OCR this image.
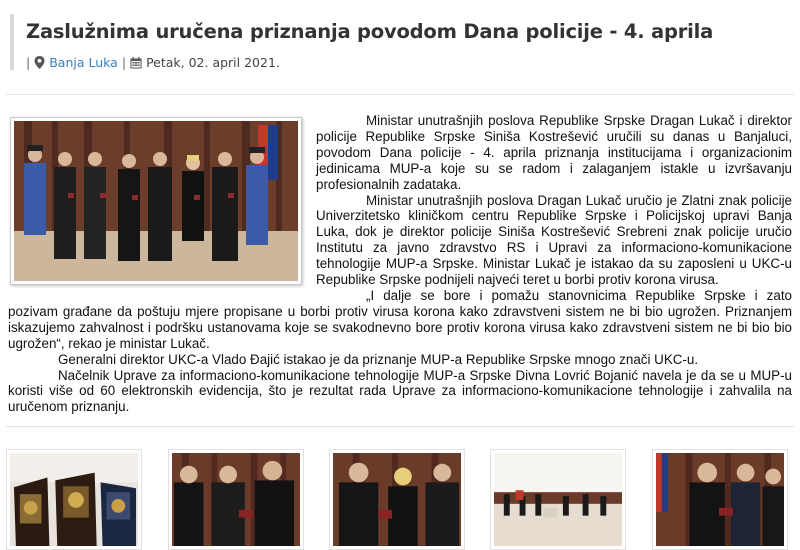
Zaslužnima uručena priznanja povodom Dana policije - 4. aprila
| Banja Luka | Petak, 02. april 2021.

Ministar unutrašnjih poslova Republike Srpske Dragan Lukač i direktor policije Republike Srpske Siniša Kostrešević uručili su danas u Banjaluci, povodom Dana policije - 4. aprila priznanja institucijama i organizacionim jedinicama MUP-a koje su se radom i zalaganjem istakle u izvršavanju profesionalnih zadataka.

Ministar unutrašnjih poslova Dragan Lukač uručio je Zlatni znak policije Univerzitetsko kliničkom centru Republike Srpske i Policijskoj upravi Banja Luka, dok je direktor policije Siniša Kostrešević Srebreni znak policije uručio Institutu za javno zdravstvo RS i Upravi za informaciono-komunikacione tehnologije MUP-a Srpske. Ministar Lukač je istakao da su zaposleni u UKC-u Republike Srpske podnijeli najveći teret u borbi protiv korona virusa.

„I dalje se bore i pomažu stanovnicima Republike Srpske i zato pozivam građane da poštuju mjere propisane u borbi protiv virusa korona kako zdravstveni sistem ne bi bio ugrožen. Priznanjem iskazujemo zahvalnost i podršku ustanovama koje se svakodnevno bore protiv korona virusa kako zdravstveni sistem ne bi bio bio ugrožen“, rekao je ministar Lukač.

Generalni direktor UKC-a Vlado Đajić istakao je da priznanje MUP-a Republike Srpske mnogo znači UKC-u.

Načelnik Uprave za informaciono-komunikacione tehnologije MUP-a Srpske Divna Lovrić Bojanić navela je da se u MUP-u koristi više od 60 elektronskih evidencija, što je rezultat rada Uprave za informaciono-komunikacione tehnologije i zahvalila na uručenom priznanju.
